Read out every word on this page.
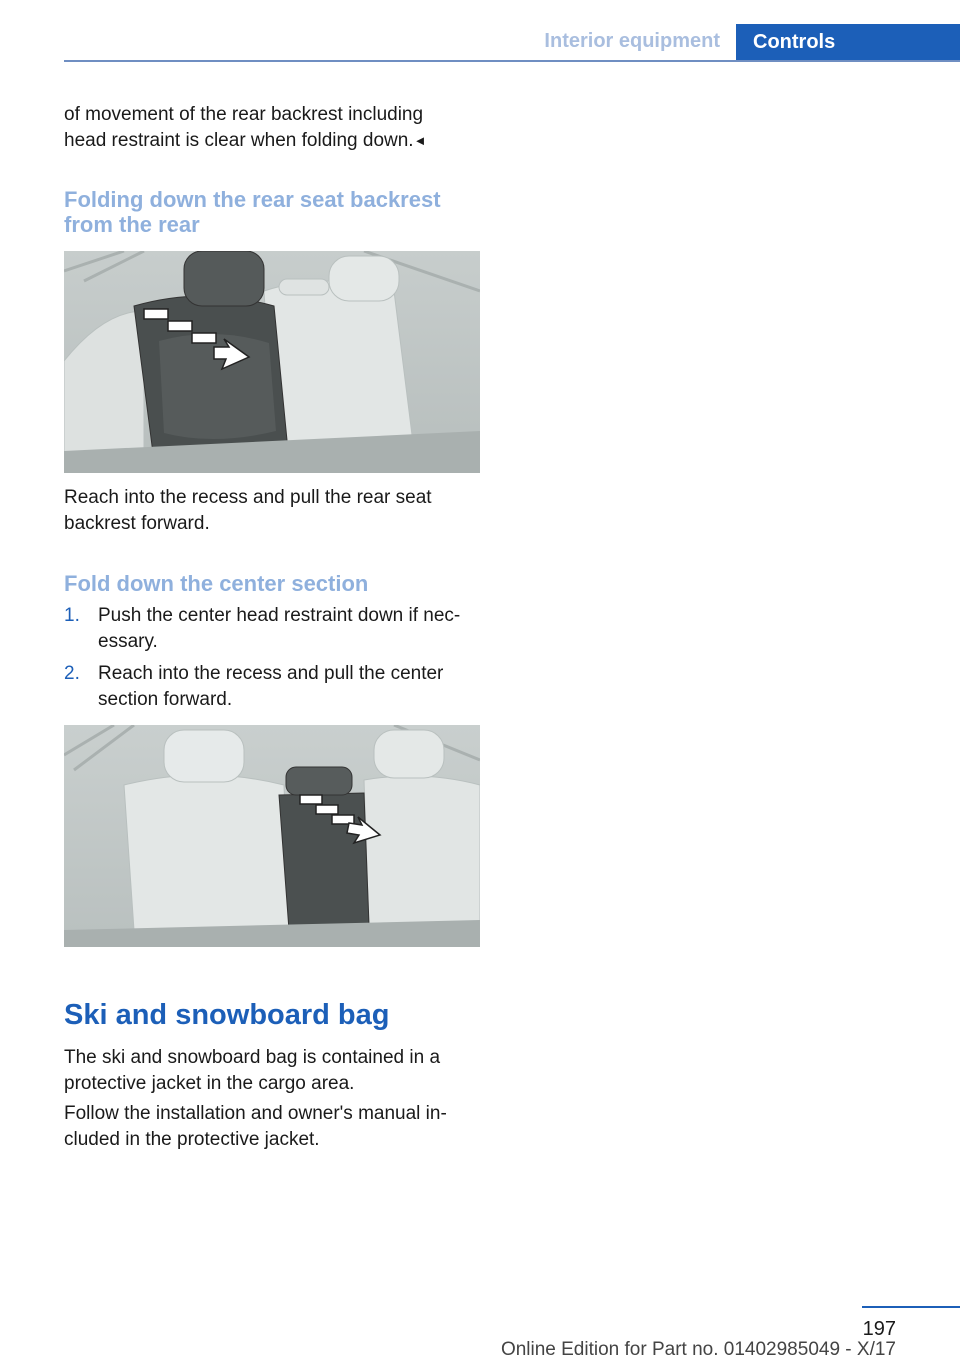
Interior equipment	Controls
of movement of the rear backrest including
head restraint is clear when folding down.◄
Folding down the rear seat backrest
from the rear
Reach into the recess and pull the rear seat
backrest forward.
Fold down the center section
1. Push the center head restraint down if nec-
essary.
2. Reach into the recess and pull the center
section forward.
Ski and snowboard bag
The ski and snowboard bag is contained in a
protective jacket in the cargo area.
Follow the installation and owner's manual in-
cluded in the protective jacket.
197
Online Edition for Part no. 01402985049 - X/17
